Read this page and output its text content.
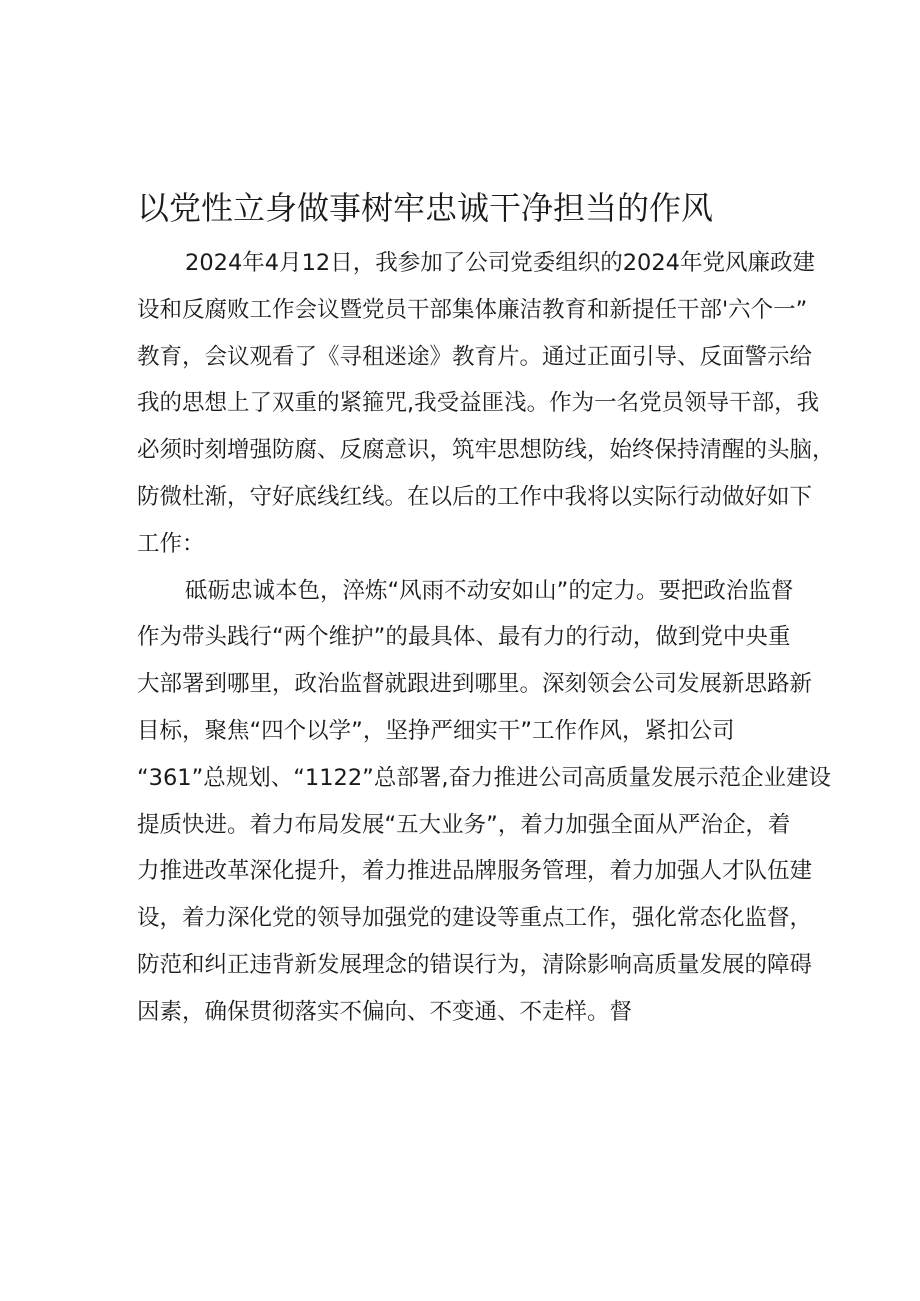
以党性立身做事树牢忠诚干净担当的作风
2024年4月12日，我参加了公司党委组织的2024年党风廉政建
设和反腐败工作会议暨党员干部集体廉洁教育和新提任干部'六个一”
教育，会议观看了《寻租迷途》教育片。通过正面引导、反面警示给
我的思想上了双重的紧箍咒,我受益匪浅。作为一名党员领导干部，我
必须时刻增强防腐、反腐意识，筑牢思想防线，始终保持清醒的头脑，
防微杜渐，守好底线红线。在以后的工作中我将以实际行动做好如下
工作：
砥砺忠诚本色，淬炼“风雨不动安如山”的定力。要把政治监督
作为带头践行“两个维护”的最具体、最有力的行动，做到党中央重
大部署到哪里，政治监督就跟进到哪里。深刻领会公司发展新思路新
目标，聚焦“四个以学”，坚挣严细实干”工作作风，紧扣公司
“361”总规划、“1122”总部署,奋力推进公司高质量发展示范企业建设
提质快进。着力布局发展“五大业务”，着力加强全面从严治企，着
力推进改革深化提升，着力推进品牌服务管理，着力加强人才队伍建
设，着力深化党的领导加强党的建设等重点工作，强化常态化监督，
防范和纠正违背新发展理念的错误行为，清除影响高质量发展的障碍
因素，确保贯彻落实不偏向、不变通、不走样。督
